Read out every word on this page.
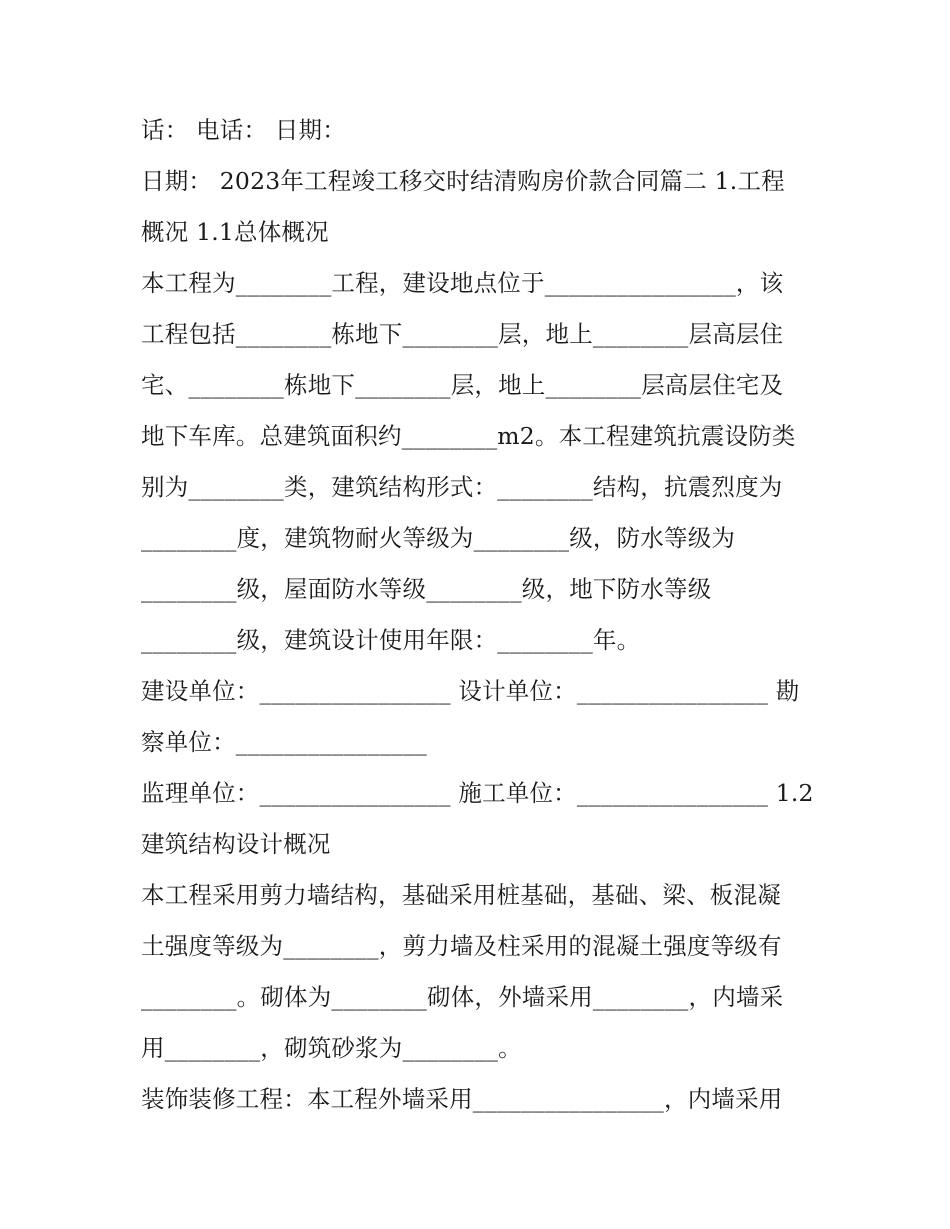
话： 电话： 日期：
日期： 2023年工程竣工移交时结清购房价款合同篇二 1.工程
概况 1.1总体概况
本工程为________工程，建设地点位于________________，该
工程包括________栋地下________层，地上________层高层住
宅、________栋地下________层，地上________层高层住宅及
地下车库。总建筑面积约________m2。本工程建筑抗震设防类
别为________类，建筑结构形式：________结构，抗震烈度为
________度，建筑物耐火等级为________级，防水等级为
________级，屋面防水等级________级，地下防水等级
________级，建筑设计使用年限：________年。
建设单位：________________ 设计单位：________________ 勘
察单位：________________
监理单位：________________ 施工单位：________________ 1.2
建筑结构设计概况
本工程采用剪力墙结构，基础采用桩基础，基础、梁、板混凝
土强度等级为________，剪力墙及柱采用的混凝土强度等级有
________。砌体为________砌体，外墙采用________，内墙采
用________，砌筑砂浆为________。
装饰装修工程：本工程外墙采用________________，内墙采用
